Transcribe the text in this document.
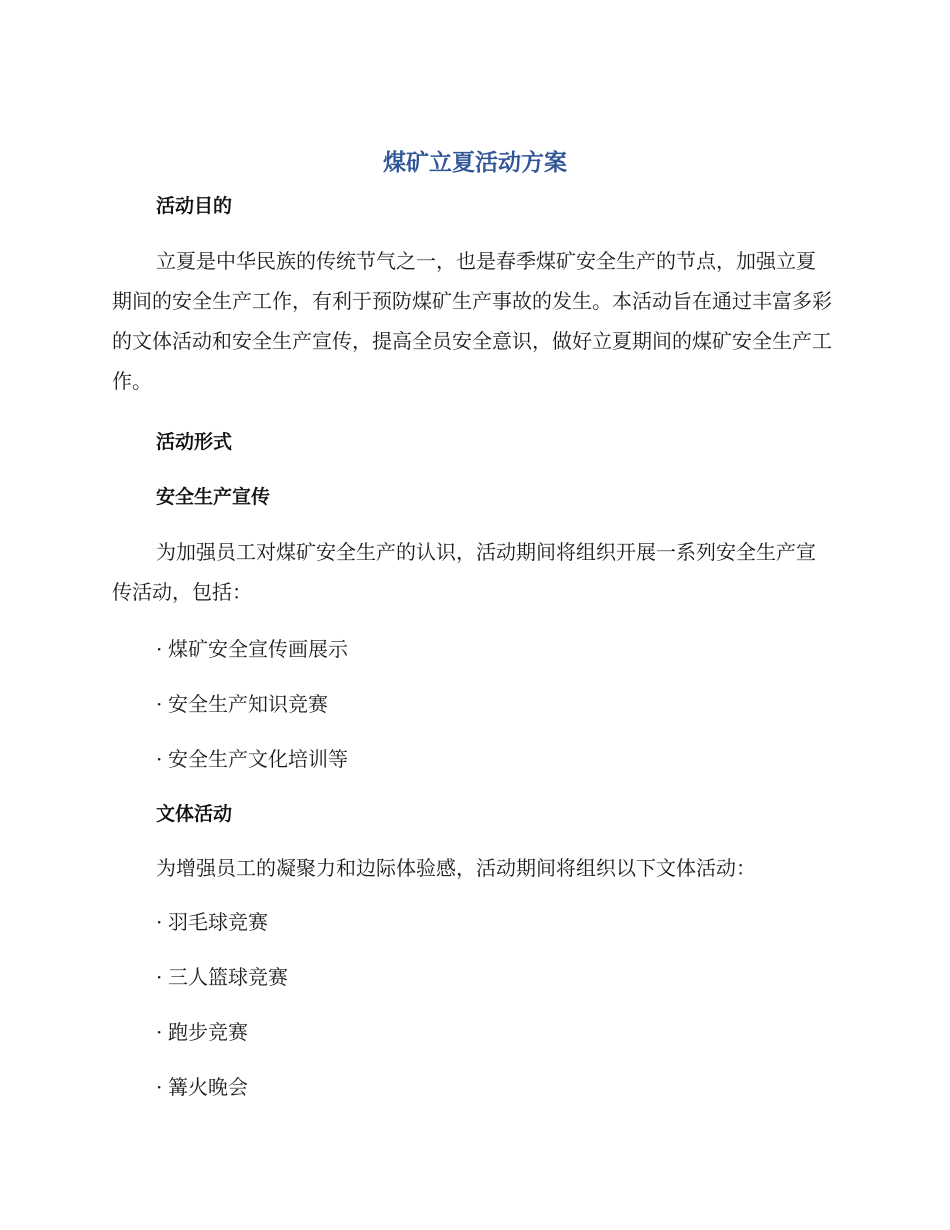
煤矿立夏活动方案
活动目的

立夏是中华民族的传统节气之一，也是春季煤矿安全生产的节点，加强立夏期间的安全生产工作，有利于预防煤矿生产事故的发生。本活动旨在通过丰富多彩的文体活动和安全生产宣传，提高全员安全意识，做好立夏期间的煤矿安全生产工作。

活动形式
安全生产宣传

为加强员工对煤矿安全生产的认识，活动期间将组织开展一系列安全生产宣传活动，包括：

· 煤矿安全宣传画展示
· 安全生产知识竞赛
· 安全生产文化培训等
文体活动
为增强员工的凝聚力和边际体验感，活动期间将组织以下文体活动：
· 羽毛球竞赛
· 三人篮球竞赛
· 跑步竞赛
· 篝火晚会
